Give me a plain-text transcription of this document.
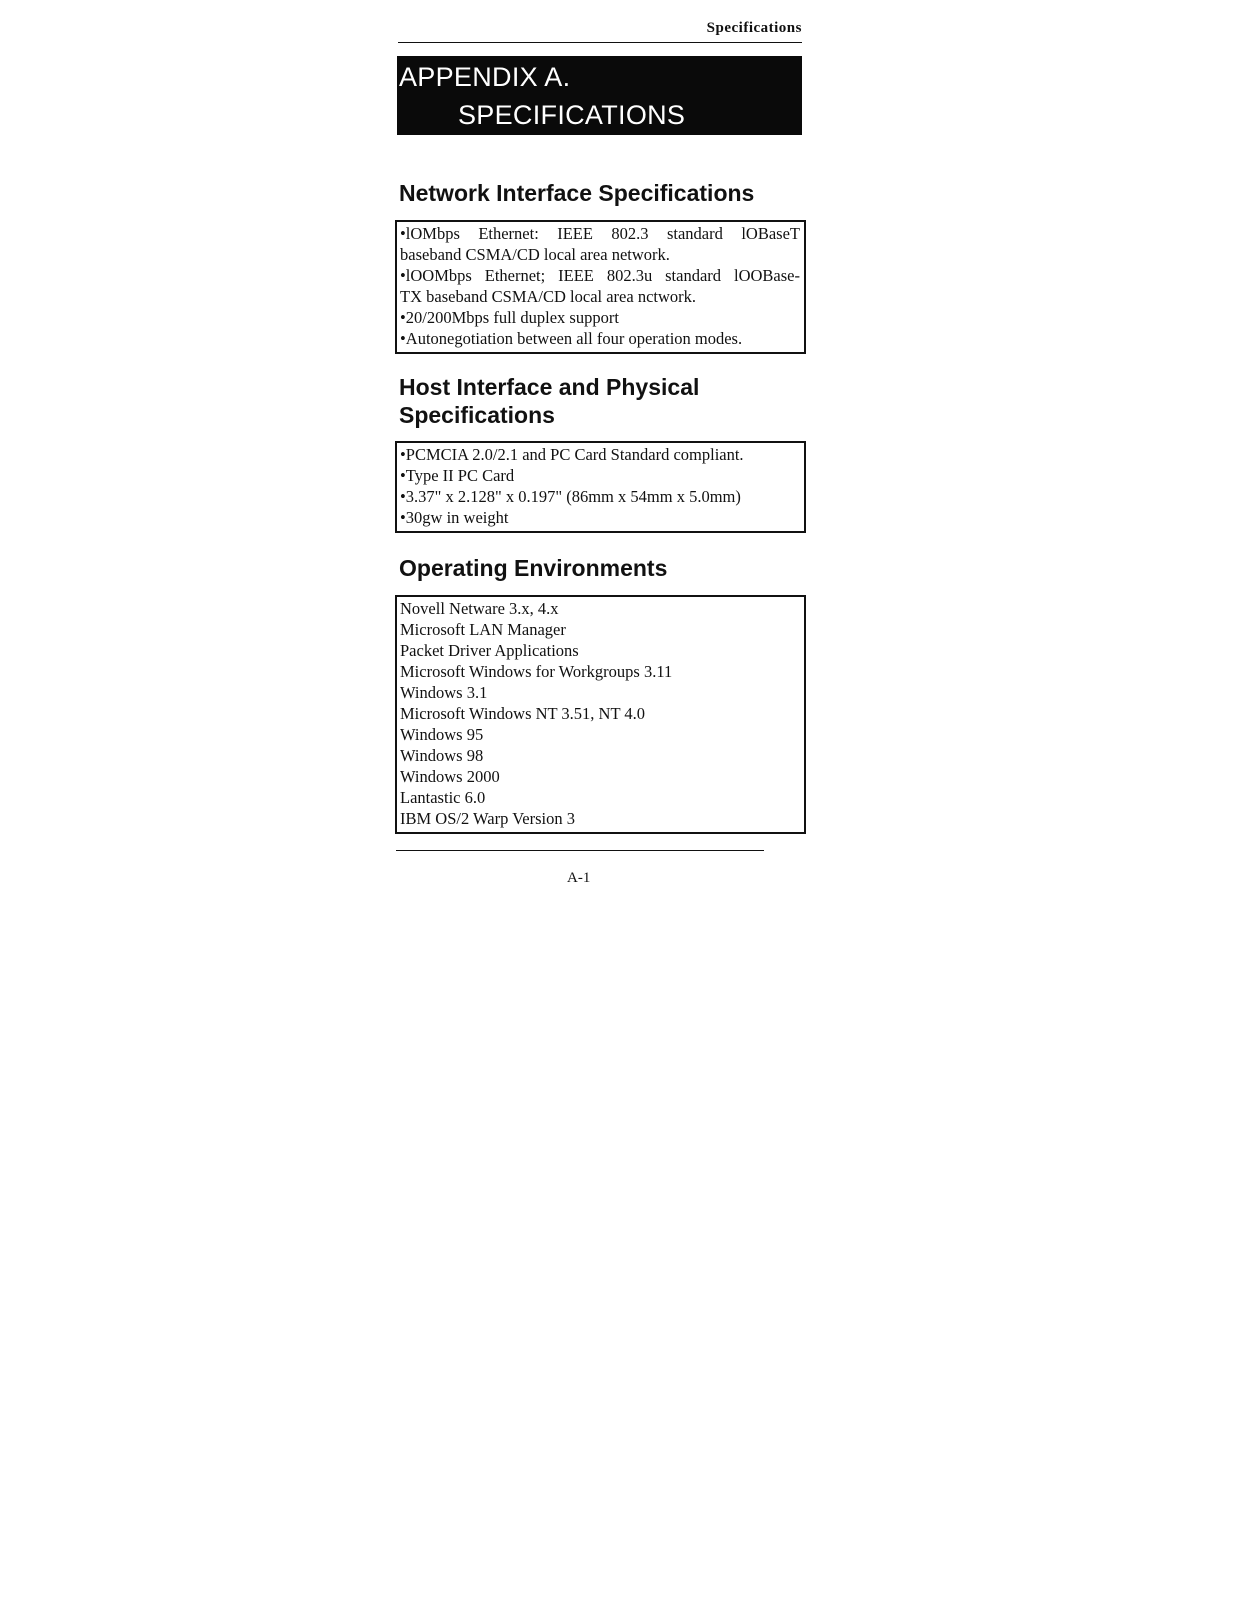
Specifications
APPENDIX A.
SPECIFICATIONS
Network Interface Specifications
•lOMbps Ethernet: IEEE 802.3 standard lOBaseT
baseband CSMA/CD local area network.
•lOOMbps Ethernet; IEEE 802.3u standard lOOBase-
TX baseband CSMA/CD local area nctwork.
•20/200Mbps full duplex support
•Autonegotiation between all four operation modes.
Host Interface and Physical
Specifications
•PCMCIA 2.0/2.1 and PC Card Standard compliant.
•Type II PC Card
•3.37" x 2.128" x 0.197" (86mm x 54mm x 5.0mm)
•30gw in weight
Operating Environments
Novell Netware 3.x, 4.x
Microsoft LAN Manager
Packet Driver Applications
Microsoft Windows for Workgroups 3.11
Windows 3.1
Microsoft Windows NT 3.51, NT 4.0
Windows 95
Windows 98
Windows 2000
Lantastic 6.0
IBM OS/2 Warp Version 3
A-1
